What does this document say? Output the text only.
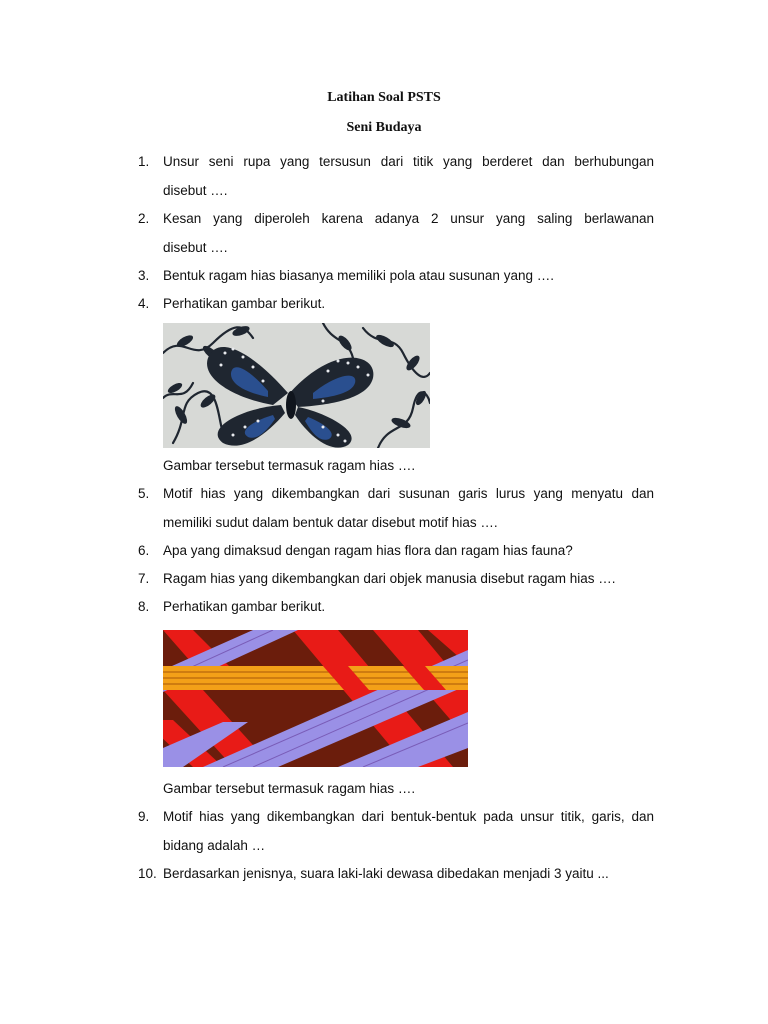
Latihan Soal PSTS
Seni Budaya
1.	Unsur seni rupa yang tersusun dari titik yang berderet dan berhubungan
disebut ….
2.	Kesan yang diperoleh karena adanya 2 unsur yang saling berlawanan
disebut ….
3.	Bentuk ragam hias biasanya memiliki pola atau susunan yang ….
4.	Perhatikan gambar berikut.
Gambar tersebut termasuk ragam hias ….
5.	Motif hias yang dikembangkan dari susunan garis lurus yang menyatu dan
memiliki sudut dalam bentuk datar disebut motif hias ….
6.	Apa yang dimaksud dengan ragam hias flora dan ragam hias fauna?
7.	Ragam hias yang dikembangkan dari objek manusia disebut ragam hias ….
8.	Perhatikan gambar berikut.
Gambar tersebut termasuk ragam hias ….
9.	Motif hias yang dikembangkan dari bentuk-bentuk pada unsur titik, garis, dan
bidang adalah …
10. Berdasarkan jenisnya, suara laki-laki dewasa dibedakan menjadi 3 yaitu ...
